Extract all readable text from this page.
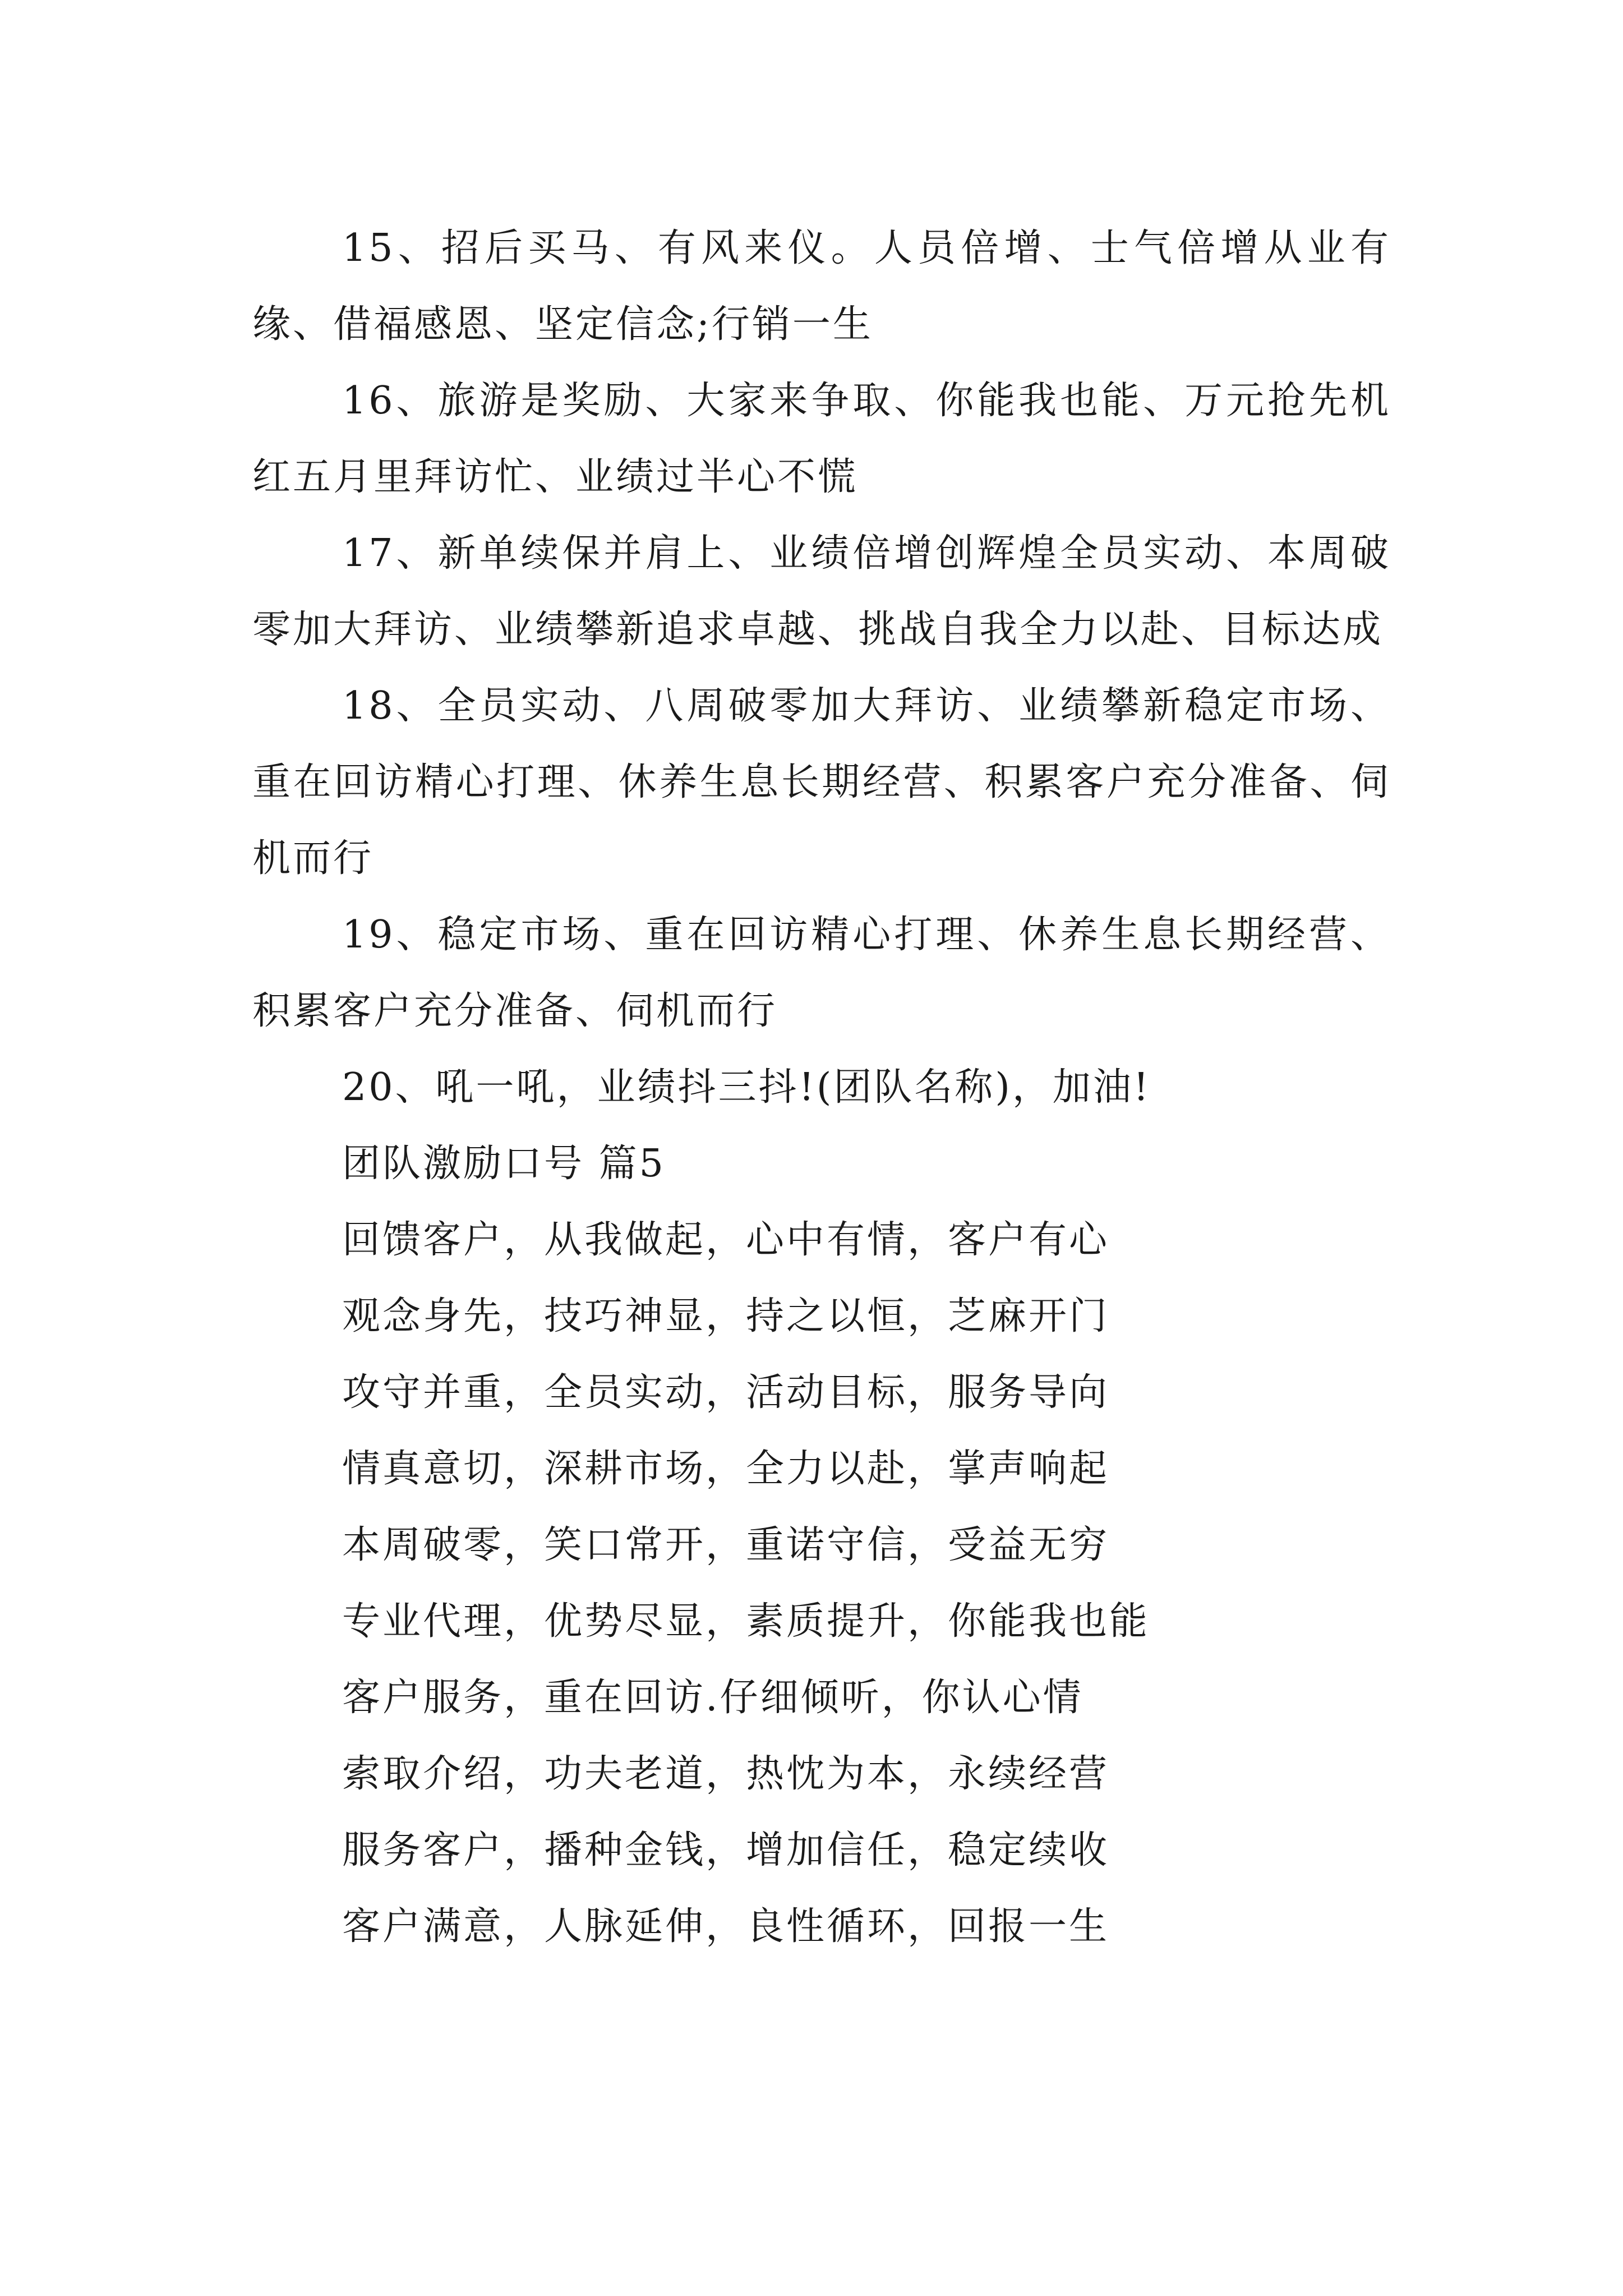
15、招后买马、有风来仪。人员倍增、士气倍增从业有缘、借福感恩、坚定信念;行销一生

16、旅游是奖励、大家来争取、你能我也能、万元抢先机红五月里拜访忙、业绩过半心不慌

17、新单续保并肩上、业绩倍增创辉煌全员实动、本周破零加大拜访、业绩攀新追求卓越、挑战自我全力以赴、目标达成

18、全员实动、八周破零加大拜访、业绩攀新稳定市场、重在回访精心打理、休养生息长期经营、积累客户充分准备、伺机而行

19、稳定市场、重在回访精心打理、休养生息长期经营、积累客户充分准备、伺机而行

20、吼一吼，业绩抖三抖!(团队名称)，加油!

团队激励口号 篇5

回馈客户，从我做起，心中有情，客户有心

观念身先，技巧神显，持之以恒，芝麻开门

攻守并重，全员实动，活动目标，服务导向

情真意切，深耕市场，全力以赴，掌声响起

本周破零，笑口常开，重诺守信，受益无穷

专业代理，优势尽显，素质提升，你能我也能

客户服务，重在回访.仔细倾听，你认心情

索取介绍，功夫老道，热忱为本，永续经营

服务客户，播种金钱，增加信任，稳定续收

客户满意，人脉延伸，良性循环，回报一生
